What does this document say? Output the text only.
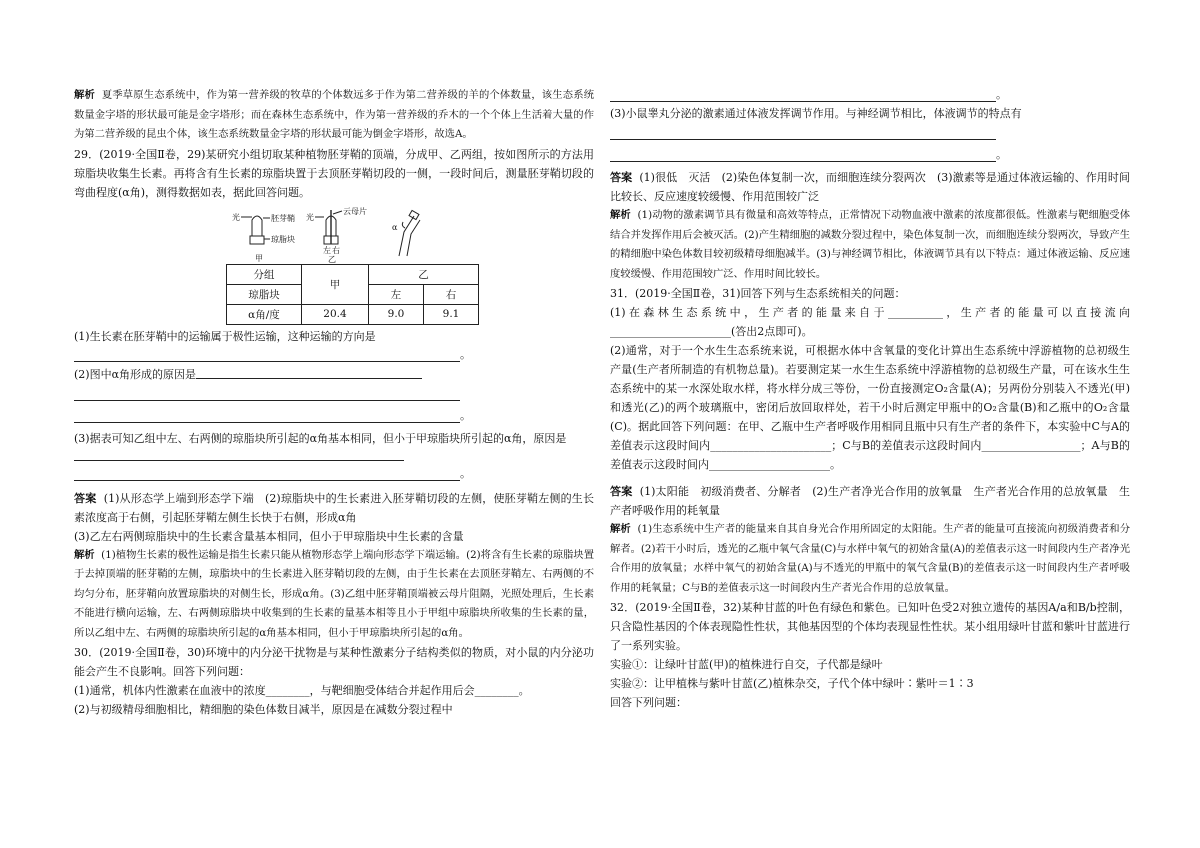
解析 夏季草原生态系统中，作为第一营养级的牧草的个体数远多于作为第二营养级的羊的个体数量，该生态系统数量金字塔的形状最可能是金字塔形；而在森林生态系统中，作为第一营养级的乔木的一个个体上生活着大量的作为第二营养级的昆虫个体，该生态系统数量金字塔的形状最可能为倒金字塔形，故选A。

29．(2019·全国Ⅱ卷，29)某研究小组切取某种植物胚芽鞘的顶端，分成甲、乙两组，按如图所示的方法用琼脂块收集生长素。再将含有生长素的琼脂块置于去顶胚芽鞘切段的一侧，一段时间后，测量胚芽鞘切段的弯曲程度(α角)，测得数据如表，据此回答问题。

光	胚芽鞘
琼脂块
甲
光
云母片
左 右
乙
α
分组	甲	乙	
琼脂块		左	右
α角/度	20.4	9.0	9.1

(1)生长素在胚芽鞘中的运输属于极性运输，这种运输的方向是

。
(2)图中α角形成的原因是
。

(3)据表可知乙组中左、右两侧的琼脂块所引起的α角基本相同，但小于甲琼脂块所引起的α角，原因是

。

答案 (1)从形态学上端到形态学下端　(2)琼脂块中的生长素进入胚芽鞘切段的左侧，使胚芽鞘左侧的生长素浓度高于右侧，引起胚芽鞘左侧生长快于右侧，形成α角

(3)乙左右两侧琼脂块中的生长素含量基本相同，但小于甲琼脂块中生长素的含量

解析 (1)植物生长素的极性运输是指生长素只能从植物形态学上端向形态学下端运输。(2)将含有生长素的琼脂块置于去掉顶端的胚芽鞘的左侧，琼脂块中的生长素进入胚芽鞘切段的左侧，由于生长素在去顶胚芽鞘左、右两侧的不均匀分布，胚芽鞘向放置琼脂块的对侧生长，形成α角。(3)乙组中胚芽鞘顶端被云母片阻隔，光照处理后，生长素不能进行横向运输，左、右两侧琼脂块中收集到的生长素的量基本相等且小于甲组中琼脂块所收集的生长素的量，所以乙组中左、右两侧的琼脂块所引起的α角基本相同，但小于甲琼脂块所引起的α角。

30．(2019·全国Ⅱ卷，30)环境中的内分泌干扰物是与某种性激素分子结构类似的物质，对小鼠的内分泌功能会产生不良影响。回答下列问题：

(1)通常，机体内性激素在血液中的浓度________，与靶细胞受体结合并起作用后会________。

(2)与初级精母细胞相比，精细胞的染色体数目减半，原因是在减数分裂过程中

。

(3)小鼠睾丸分泌的激素通过体液发挥调节作用。与神经调节相比，体液调节的特点有

。

答案 (1)很低　灭活　(2)染色体复制一次，而细胞连续分裂两次　(3)激素等是通过体液运输的、作用时间比较长、反应速度较缓慢、作用范围较广泛

解析 (1)动物的激素调节具有微量和高效等特点，正常情况下动物血液中激素的浓度都很低。性激素与靶细胞受体结合并发挥作用后会被灭活。(2)产生精细胞的减数分裂过程中，染色体复制一次，而细胞连续分裂两次，导致产生的精细胞中染色体数目较初级精母细胞减半。(3)与神经调节相比，体液调节具有以下特点：通过体液运输、反应速度较缓慢、作用范围较广泛、作用时间比较长。

31．(2019·全国Ⅱ卷，31)回答下列与生态系统相关的问题：

(1)在森林生态系统中，生产者的能量来自于__________，生产者的能量可以直接流向______________________(答出2点即可)。

(2)通常，对于一个水生生态系统来说，可根据水体中含氧量的变化计算出生态系统中浮游植物的总初级生产量(生产者所制造的有机物总量)。若要测定某一水生生态系统中浮游植物的总初级生产量，可在该水生生态系统中的某一水深处取水样，将水样分成三等份，一份直接测定O₂含量(A)；另两份分别装入不透光(甲)和透光(乙)的两个玻璃瓶中，密闭后放回取样处，若干小时后测定甲瓶中的O₂含量(B)和乙瓶中的O₂含量(C)。据此回答下列问题：在甲、乙瓶中生产者呼吸作用相同且瓶中只有生产者的条件下，本实验中C与A的差值表示这段时间内______________________；C与B的差值表示这段时间内__________________；A与B的差值表示这段时间内______________________。

答案 (1)太阳能　初级消费者、分解者　(2)生产者净光合作用的放氧量　生产者光合作用的总放氧量　生产者呼吸作用的耗氧量

解析 (1)生态系统中生产者的能量来自其自身光合作用所固定的太阳能。生产者的能量可直接流向初级消费者和分解者。(2)若干小时后，透光的乙瓶中氧气含量(C)与水样中氧气的初始含量(A)的差值表示这一时间段内生产者净光合作用的放氧量；水样中氧气的初始含量(A)与不透光的甲瓶中的氧气含量(B)的差值表示这一时间段内生产者呼吸作用的耗氧量；C与B的差值表示这一时间段内生产者光合作用的总放氧量。

32．(2019·全国Ⅱ卷，32)某种甘蓝的叶色有绿色和紫色。已知叶色受2对独立遗传的基因A/a和B/b控制，只含隐性基因的个体表现隐性性状，其他基因型的个体均表现显性性状。某小组用绿叶甘蓝和紫叶甘蓝进行了一系列实验。

实验①：让绿叶甘蓝(甲)的植株进行自交，子代都是绿叶

实验②：让甲植株与紫叶甘蓝(乙)植株杂交，子代个体中绿叶∶紫叶＝1∶3

回答下列问题：
